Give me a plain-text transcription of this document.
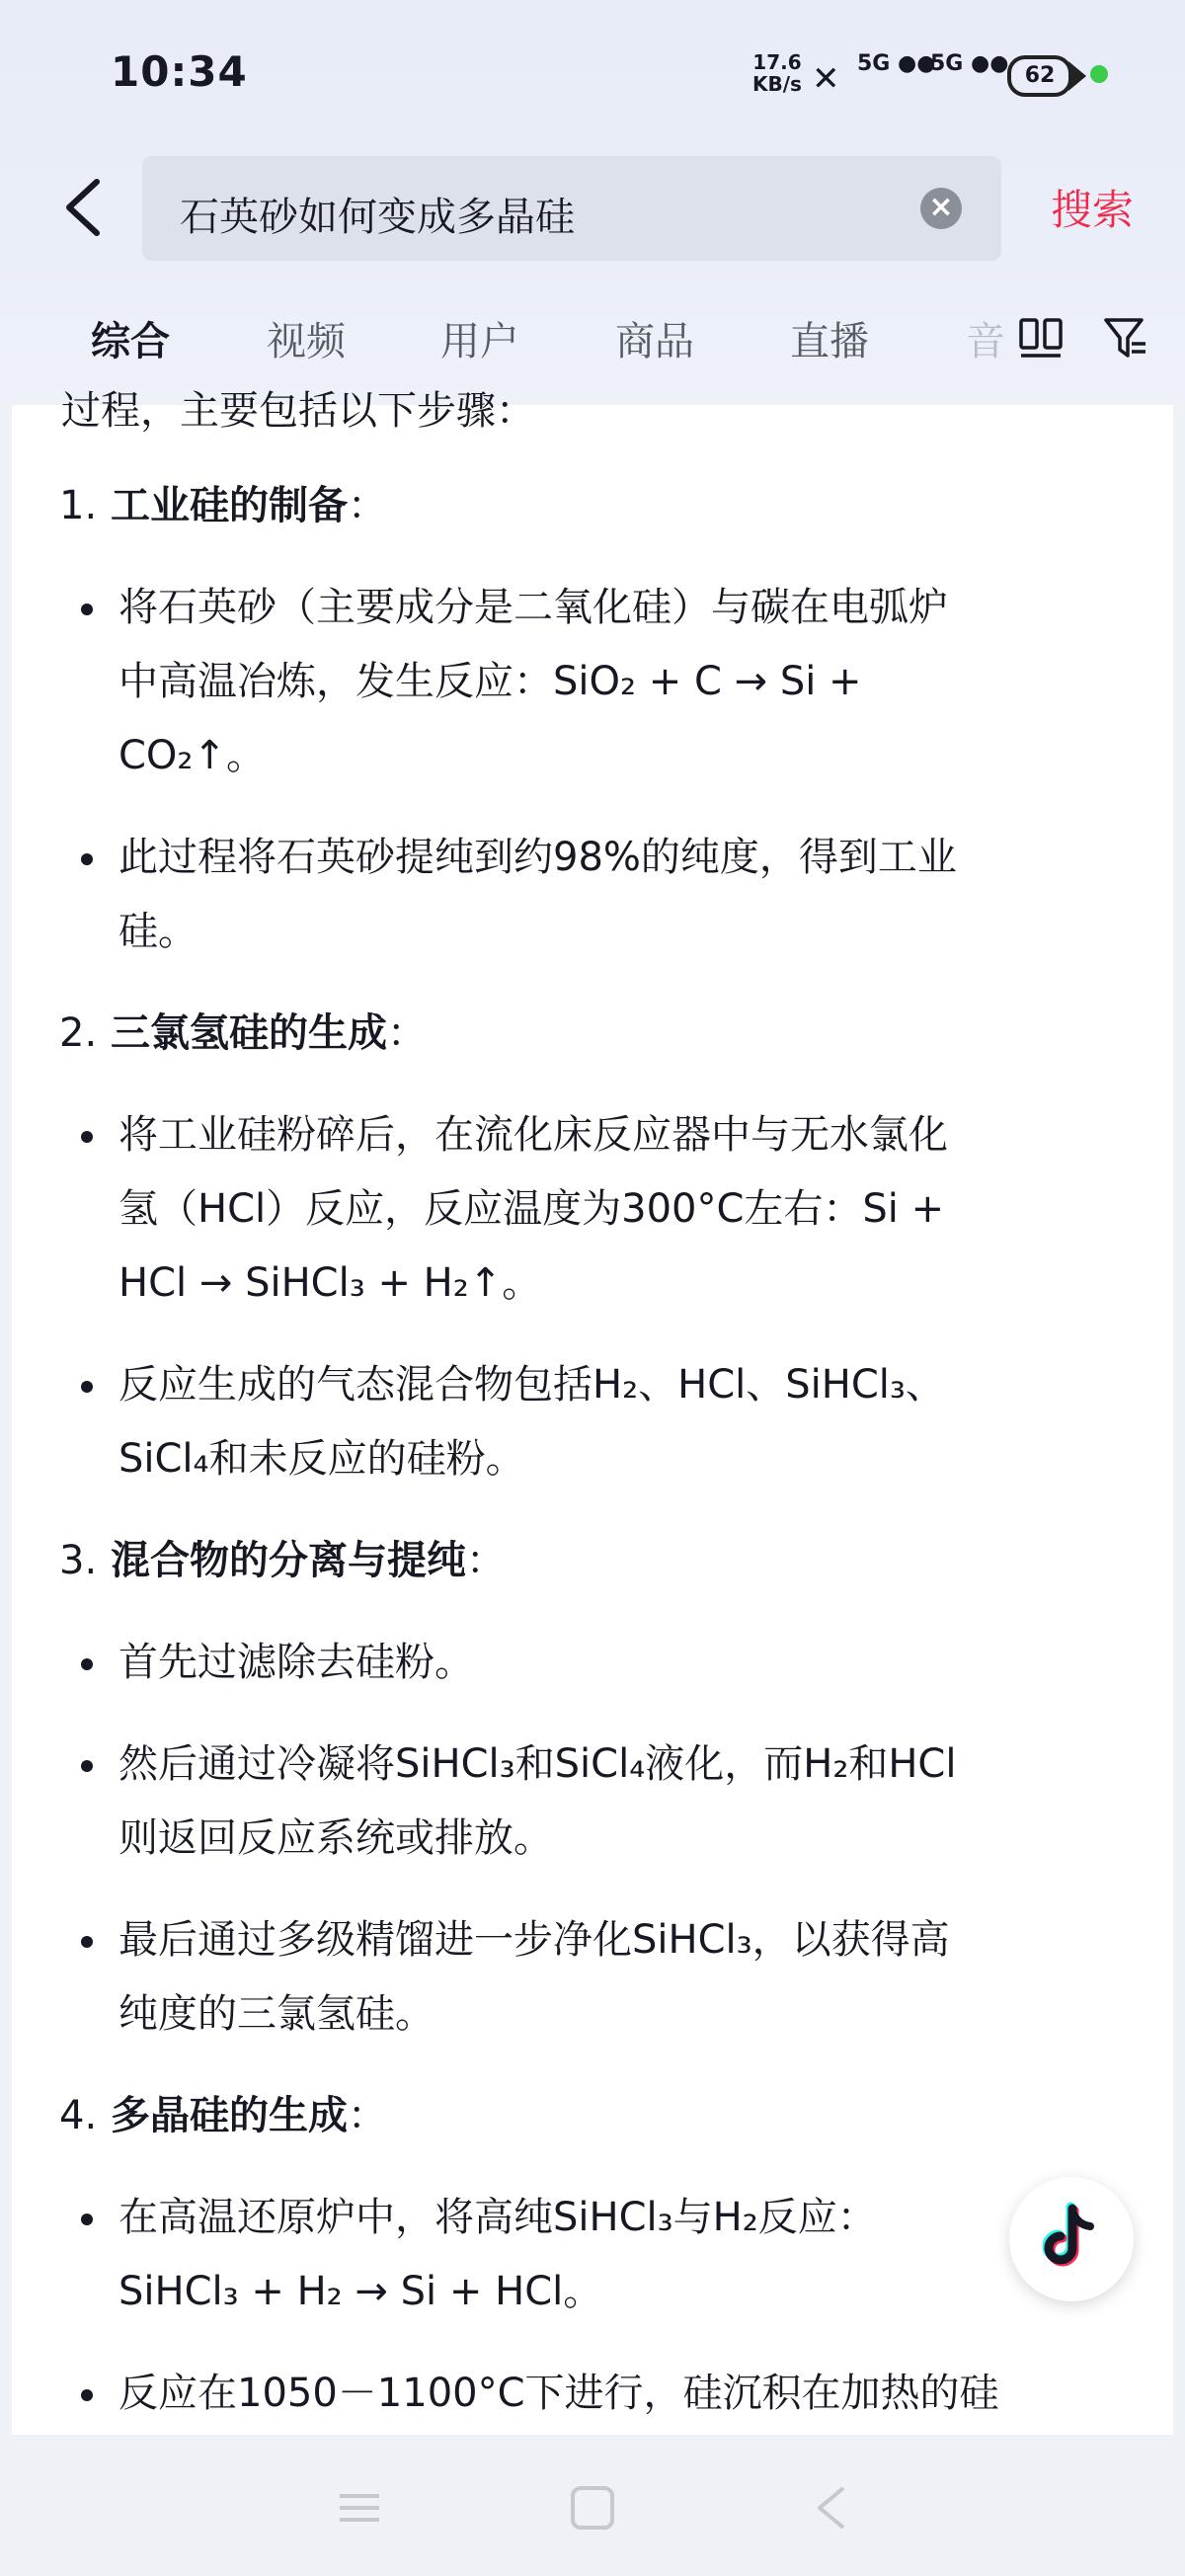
10:34	17.6
KB/s ✕ 5G ●●
5G ●● 62
石英砂如何变成多晶硅	× 搜索
综合 视频 用户 商品 直播 音
过程，主要包括以下步骤：
1. 工业硅的制备：
将石英砂（主要成分是二氧化硅）与碳在电弧炉
中高温冶炼，发生反应：SiO₂ + C → Si +
CO₂↑。
此过程将石英砂提纯到约98%的纯度，得到工业
硅。
2. 三氯氢硅的生成：
将工业硅粉碎后，在流化床反应器中与无水氯化
氢（HCl）反应，反应温度为300°C左右：Si +
HCl → SiHCl₃ + H₂↑。
反应生成的气态混合物包括H₂、HCl、SiHCl₃、
SiCl₄和未反应的硅粉。
3. 混合物的分离与提纯：
首先过滤除去硅粉。
然后通过冷凝将SiHCl₃和SiCl₄液化，而H₂和HCl
则返回反应系统或排放。
最后通过多级精馏进一步净化SiHCl₃，以获得高
纯度的三氯氢硅。
4. 多晶硅的生成：
在高温还原炉中，将高纯SiHCl₃与H₂反应：
SiHCl₃ + H₂ → Si + HCl。
反应在1050－1100°C下进行，硅沉积在加热的硅
